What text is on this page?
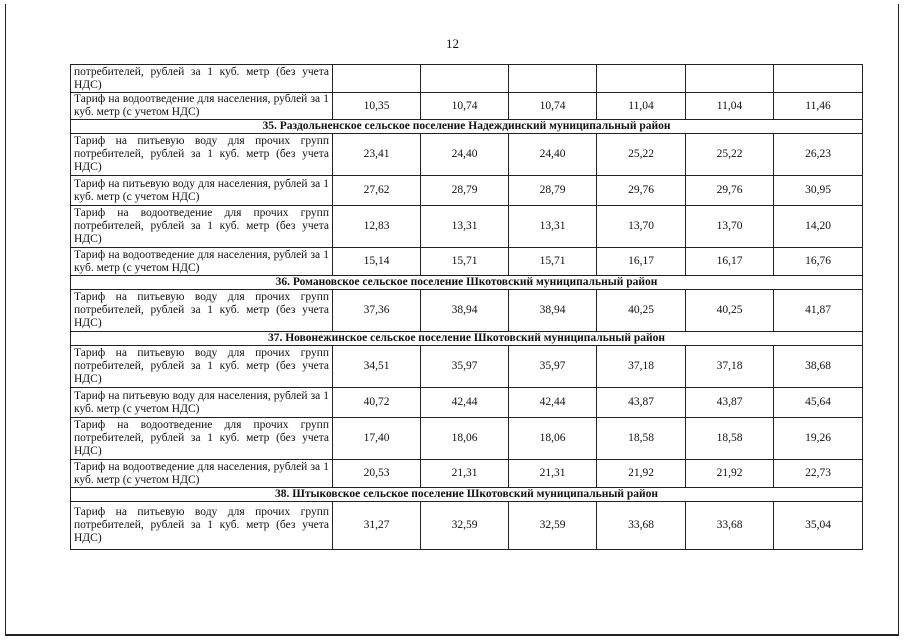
12
потребителей, рублей за 1 куб. метр (без учета НДС)						
Тариф на водоотведение для населения, рублей за 1 куб. метр (с учетом НДС)	10,35	10,74	10,74	11,04	11,04	11,46
35. Раздольненское сельское поселение Надеждинский муниципальный район						
Тариф на питьевую воду для прочих групп потребителей, рублей за 1 куб. метр (без учета НДС)	23,41	24,40	24,40	25,22	25,22	26,23
Тариф на питьевую воду для населения, рублей за 1 куб. метр (с учетом НДС)	27,62	28,79	28,79	29,76	29,76	30,95
Тариф на водоотведение для прочих групп потребителей, рублей за 1 куб. метр (без учета НДС)	12,83	13,31	13,31	13,70	13,70	14,20
Тариф на водоотведение для населения, рублей за 1 куб. метр (с учетом НДС)	15,14	15,71	15,71	16,17	16,17	16,76
36. Романовское сельское поселение Шкотовский муниципальный район						
Тариф на питьевую воду для прочих групп потребителей, рублей за 1 куб. метр (без учета НДС)	37,36	38,94	38,94	40,25	40,25	41,87
37. Новонежинское сельское поселение Шкотовский муниципальный район						
Тариф на питьевую воду для прочих групп потребителей, рублей за 1 куб. метр (без учета НДС)	34,51	35,97	35,97	37,18	37,18	38,68
Тариф на питьевую воду для населения, рублей за 1 куб. метр (с учетом НДС)	40,72	42,44	42,44	43,87	43,87	45,64
Тариф на водоотведение для прочих групп потребителей, рублей за 1 куб. метр (без учета НДС)	17,40	18,06	18,06	18,58	18,58	19,26
Тариф на водоотведение для населения, рублей за 1 куб. метр (с учетом НДС)	20,53	21,31	21,31	21,92	21,92	22,73
38. Штыковское сельское поселение Шкотовский муниципальный район						
Тариф на питьевую воду для прочих групп потребителей, рублей за 1 куб. метр (без учета НДС)	31,27	32,59	32,59	33,68	33,68	35,04
